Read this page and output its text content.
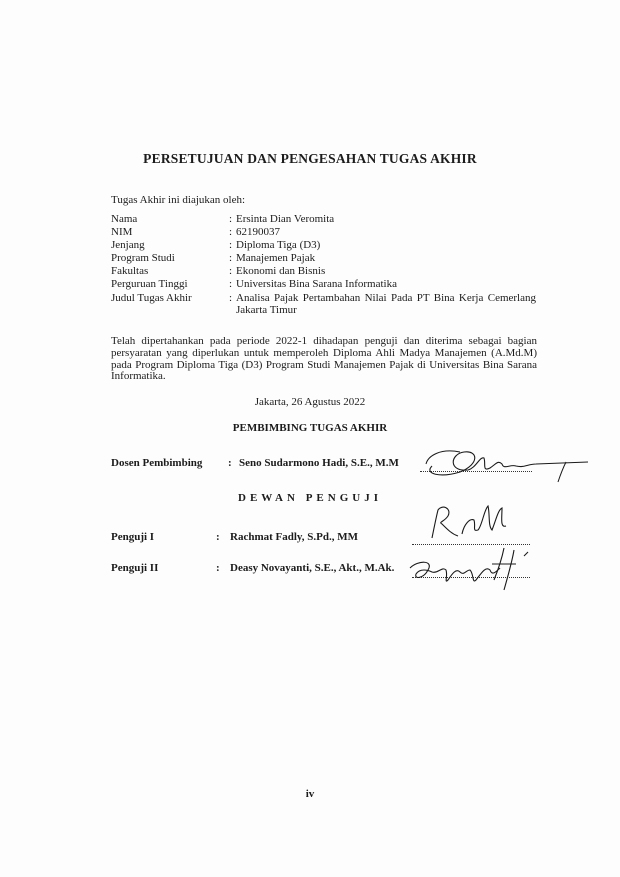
PERSETUJUAN DAN PENGESAHAN TUGAS AKHIR
Tugas Akhir ini diajukan oleh:
Nama	: Ersinta Dian Veromita
NIM	: 62190037
Jenjang	: Diploma Tiga (D3)
Program Studi	: Manajemen Pajak
Fakultas	: Ekonomi dan Bisnis
Perguruan Tinggi	: Universitas Bina Sarana Informatika
Judul Tugas Akhir	: Analisa Pajak Pertambahan Nilai Pada PT Bina Kerja Cemerlang Jakarta Timur
Telah dipertahankan pada periode 2022-1 dihadapan penguji dan diterima sebagai bagian persyaratan yang diperlukan untuk memperoleh Diploma Ahli Madya Manajemen (A.Md.M) pada Program Diploma Tiga (D3) Program Studi Manajemen Pajak di Universitas Bina Sarana Informatika.
Jakarta, 26 Agustus 2022
PEMBIMBING TUGAS AKHIR
Dosen Pembimbing : Seno Sudarmono Hadi, S.E., M.M
DEWAN PENGUJI
Penguji I	: Rachmat Fadly, S.Pd., MM
Penguji II	: Deasy Novayanti, S.E., Akt., M.Ak.
iv
